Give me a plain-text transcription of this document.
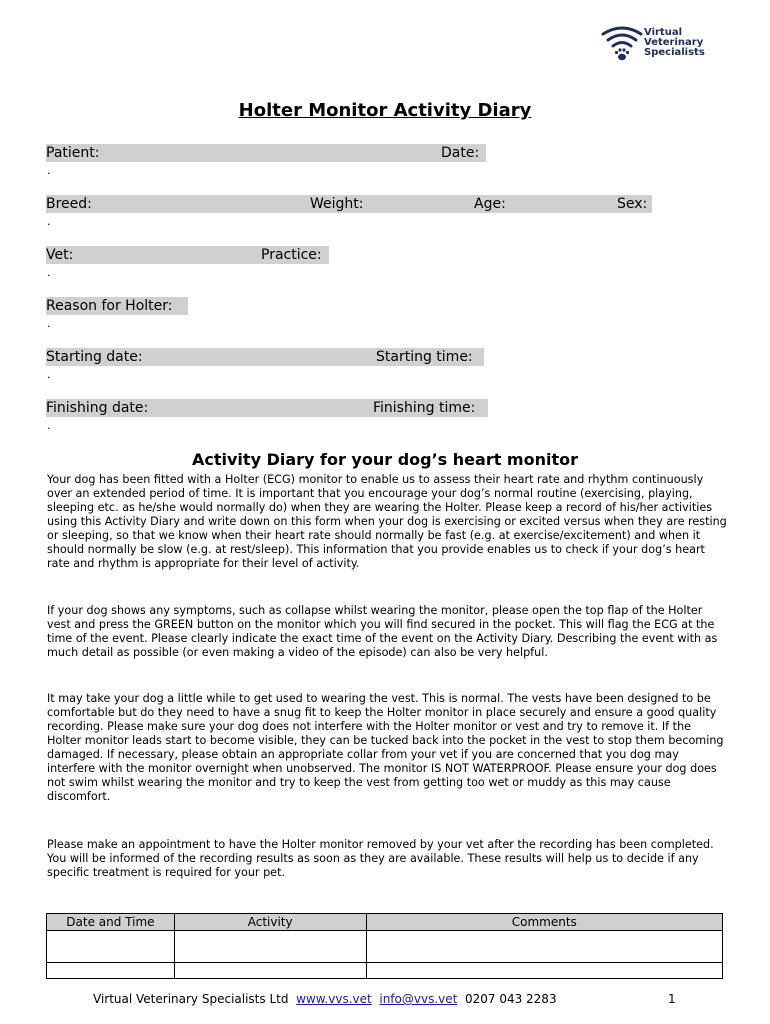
Virtual
Veterinary
Specialists
Holter Monitor Activity Diary
Patient:	Date:
.
Breed:	Weight:	Age:	Sex:
.
Vet:	Practice:
.
Reason for Holter:
.
Starting date:	Starting time:
.
Finishing date:	Finishing time:
.
Activity Diary for your dog’s heart monitor

Your dog has been fitted with a Holter (ECG) monitor to enable us to assess their heart rate and rhythm continuously over an extended period of time. It is important that you encourage your dog’s normal routine (exercising, playing, sleeping etc. as he/she would normally do) when they are wearing the Holter. Please keep a record of his/her activities using this Activity Diary and write down on this form when your dog is exercising or excited versus when they are resting or sleeping, so that we know when their heart rate should normally be fast (e.g. at exercise/excitement) and when it should normally be slow (e.g. at rest/sleep). This information that you provide enables us to check if your dog’s heart rate and rhythm is appropriate for their level of activity.

If your dog shows any symptoms, such as collapse whilst wearing the monitor, please open the top flap of the Holter vest and press the GREEN button on the monitor which you will find secured in the pocket. This will flag the ECG at the time of the event. Please clearly indicate the exact time of the event on the Activity Diary. Describing the event with as much detail as possible (or even making a video of the episode) can also be very helpful.

It may take your dog a little while to get used to wearing the vest. This is normal. The vests have been designed to be comfortable but do they need to have a snug fit to keep the Holter monitor in place securely and ensure a good quality recording. Please make sure your dog does not interfere with the Holter monitor or vest and try to remove it. If the Holter monitor leads start to become visible, they can be tucked back into the pocket in the vest to stop them becoming damaged. If necessary, please obtain an appropriate collar from your vet if you are concerned that you dog may interfere with the monitor overnight when unobserved. The monitor IS NOT WATERPROOF. Please ensure your dog does not swim whilst wearing the monitor and try to keep the vest from getting too wet or muddy as this may cause discomfort.

Please make an appointment to have the Holter monitor removed by your vet after the recording has been completed. You will be informed of the recording results as soon as they are available. These results will help us to decide if any specific treatment is required for your pet.

Date and Time	Activity	Comments

Virtual Veterinary Specialists Ltd www.vvs.vet info@vvs.vet 0207 043 2283	1
